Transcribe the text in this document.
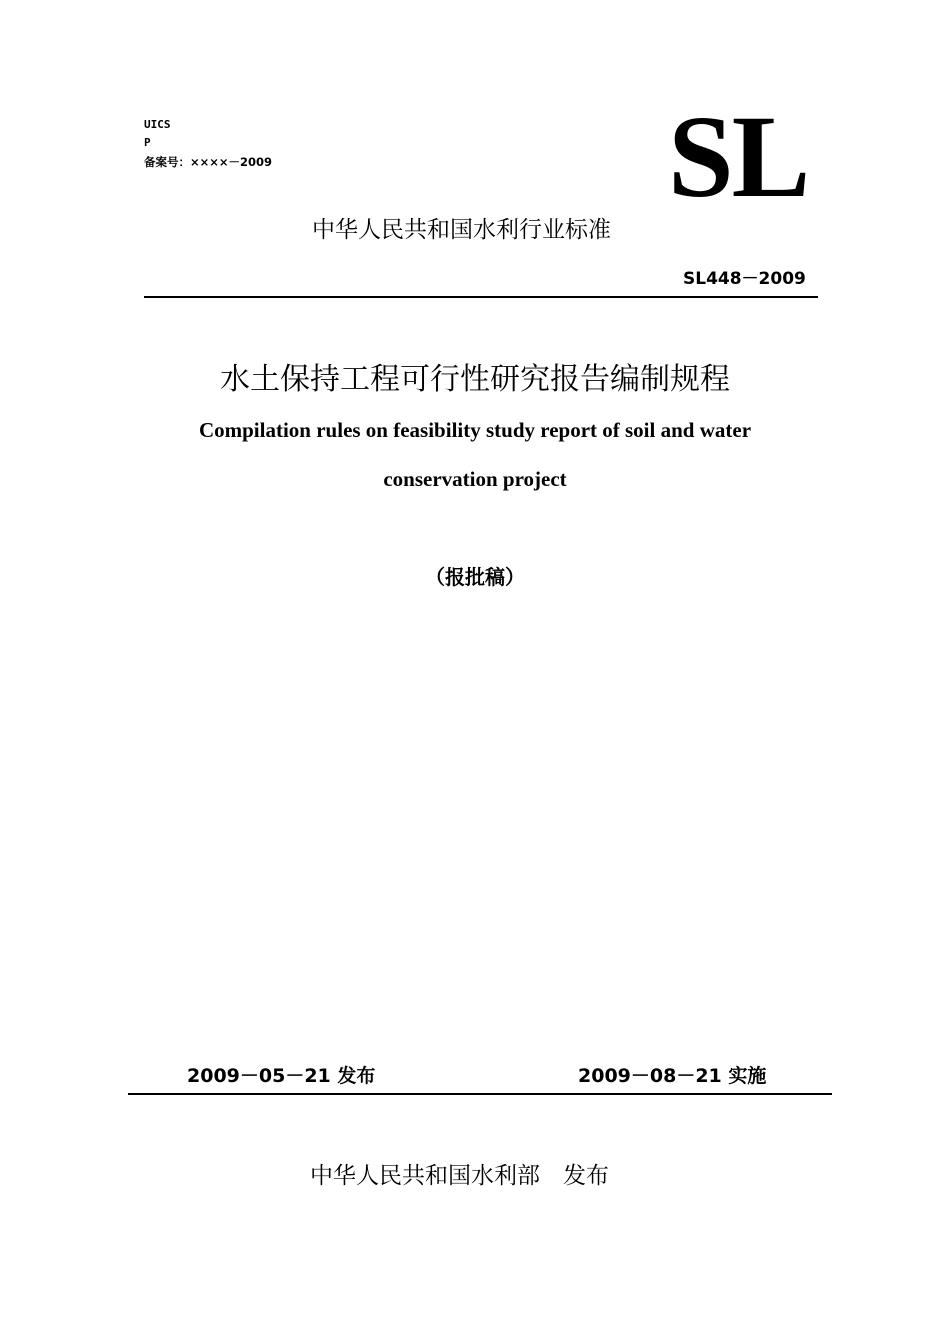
UICS
P
备案号：××××－2009	SL
中华人民共和国水利行业标准
SL448－2009
水土保持工程可行性研究报告编制规程
Compilation rules on feasibility study report of soil and water
conservation project
（报批稿）
2009－05－21 发布	2009－08－21 实施
中华人民共和国水利部　发布
